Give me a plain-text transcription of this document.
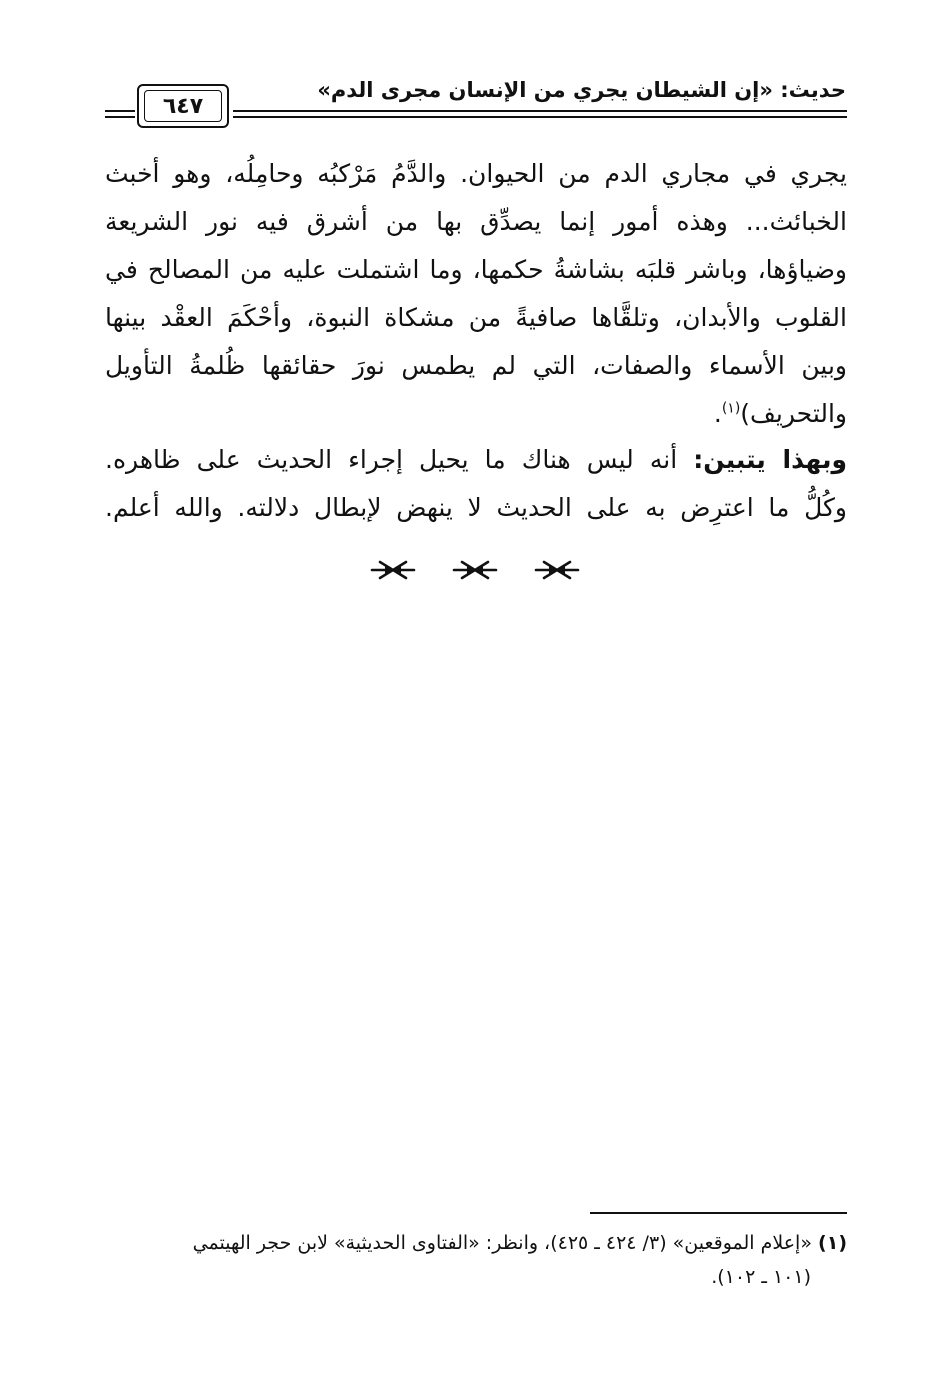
حديث: «إن الشيطان يجري من الإنسان مجرى الدم»
٦٤٧
يجري في مجاري الدم من الحيوان. والدَّمُ مَرْكبُه وحامِلُه، وهو أخبث
الخبائث... وهذه أمور إنما يصدِّق بها من أشرق فيه نور الشريعة
وضياؤها، وباشر قلبَه بشاشةُ حكمها، وما اشتملت عليه من المصالح في
القلوب والأبدان، وتلقَّاها صافيةً من مشكاة النبوة، وأحْكَمَ العقْد بينها
وبين الأسماء والصفات، التي لم يطمس نورَ حقائقها ظُلمةُ التأويل
والتحريف)$^{(١)}$.
وبهذا يتبين: أنه ليس هناك ما يحيل إجراء الحديث على ظاهره.
وكُلُّ ما اعترِض به على الحديث لا ينهض لإبطال دلالته. والله أعلم.
(١) «إعلام الموقعين» (٣/ ٤٢٤ ـ ٤٢٥)، وانظر: «الفتاوى الحديثية» لابن حجر الهيتمي
(١٠١ ـ ١٠٢).
